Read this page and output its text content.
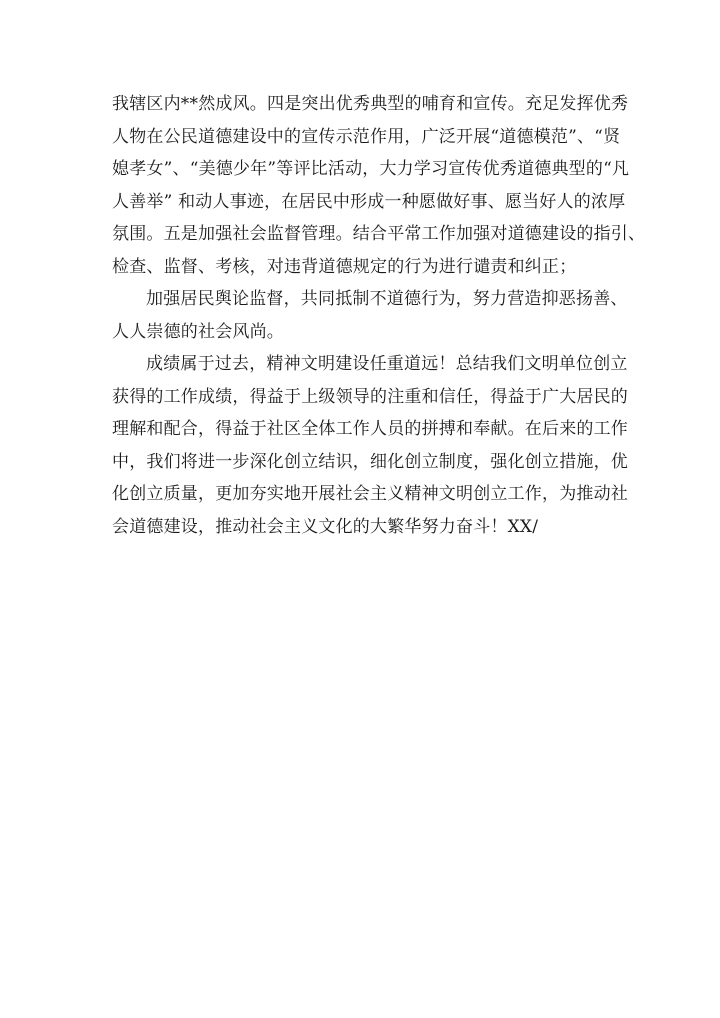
我辖区内**然成风。四是突出优秀典型的哺育和宣传。充足发挥优秀
人物在公民道德建设中的宣传示范作用，广泛开展“道德模范”、“贤
媳孝女”、“美德少年”等评比活动，大力学习宣传优秀道德典型的“凡
人善举” 和动人事迹，在居民中形成一种愿做好事、愿当好人的浓厚
氛围。五是加强社会监督管理。结合平常工作加强对道德建设的指引、
检查、监督、考核，对违背道德规定的行为进行谴责和纠正；
加强居民舆论监督，共同抵制不道德行为，努力营造抑恶扬善、
人人崇德的社会风尚。
成绩属于过去，精神文明建设任重道远！总结我们文明单位创立
获得的工作成绩，得益于上级领导的注重和信任，得益于广大居民的
理解和配合，得益于社区全体工作人员的拼搏和奉献。在后来的工作
中，我们将进一步深化创立结识，细化创立制度，强化创立措施，优
化创立质量，更加夯实地开展社会主义精神文明创立工作，为推动社
会道德建设，推动社会主义文化的大繁华努力奋斗！XX/
